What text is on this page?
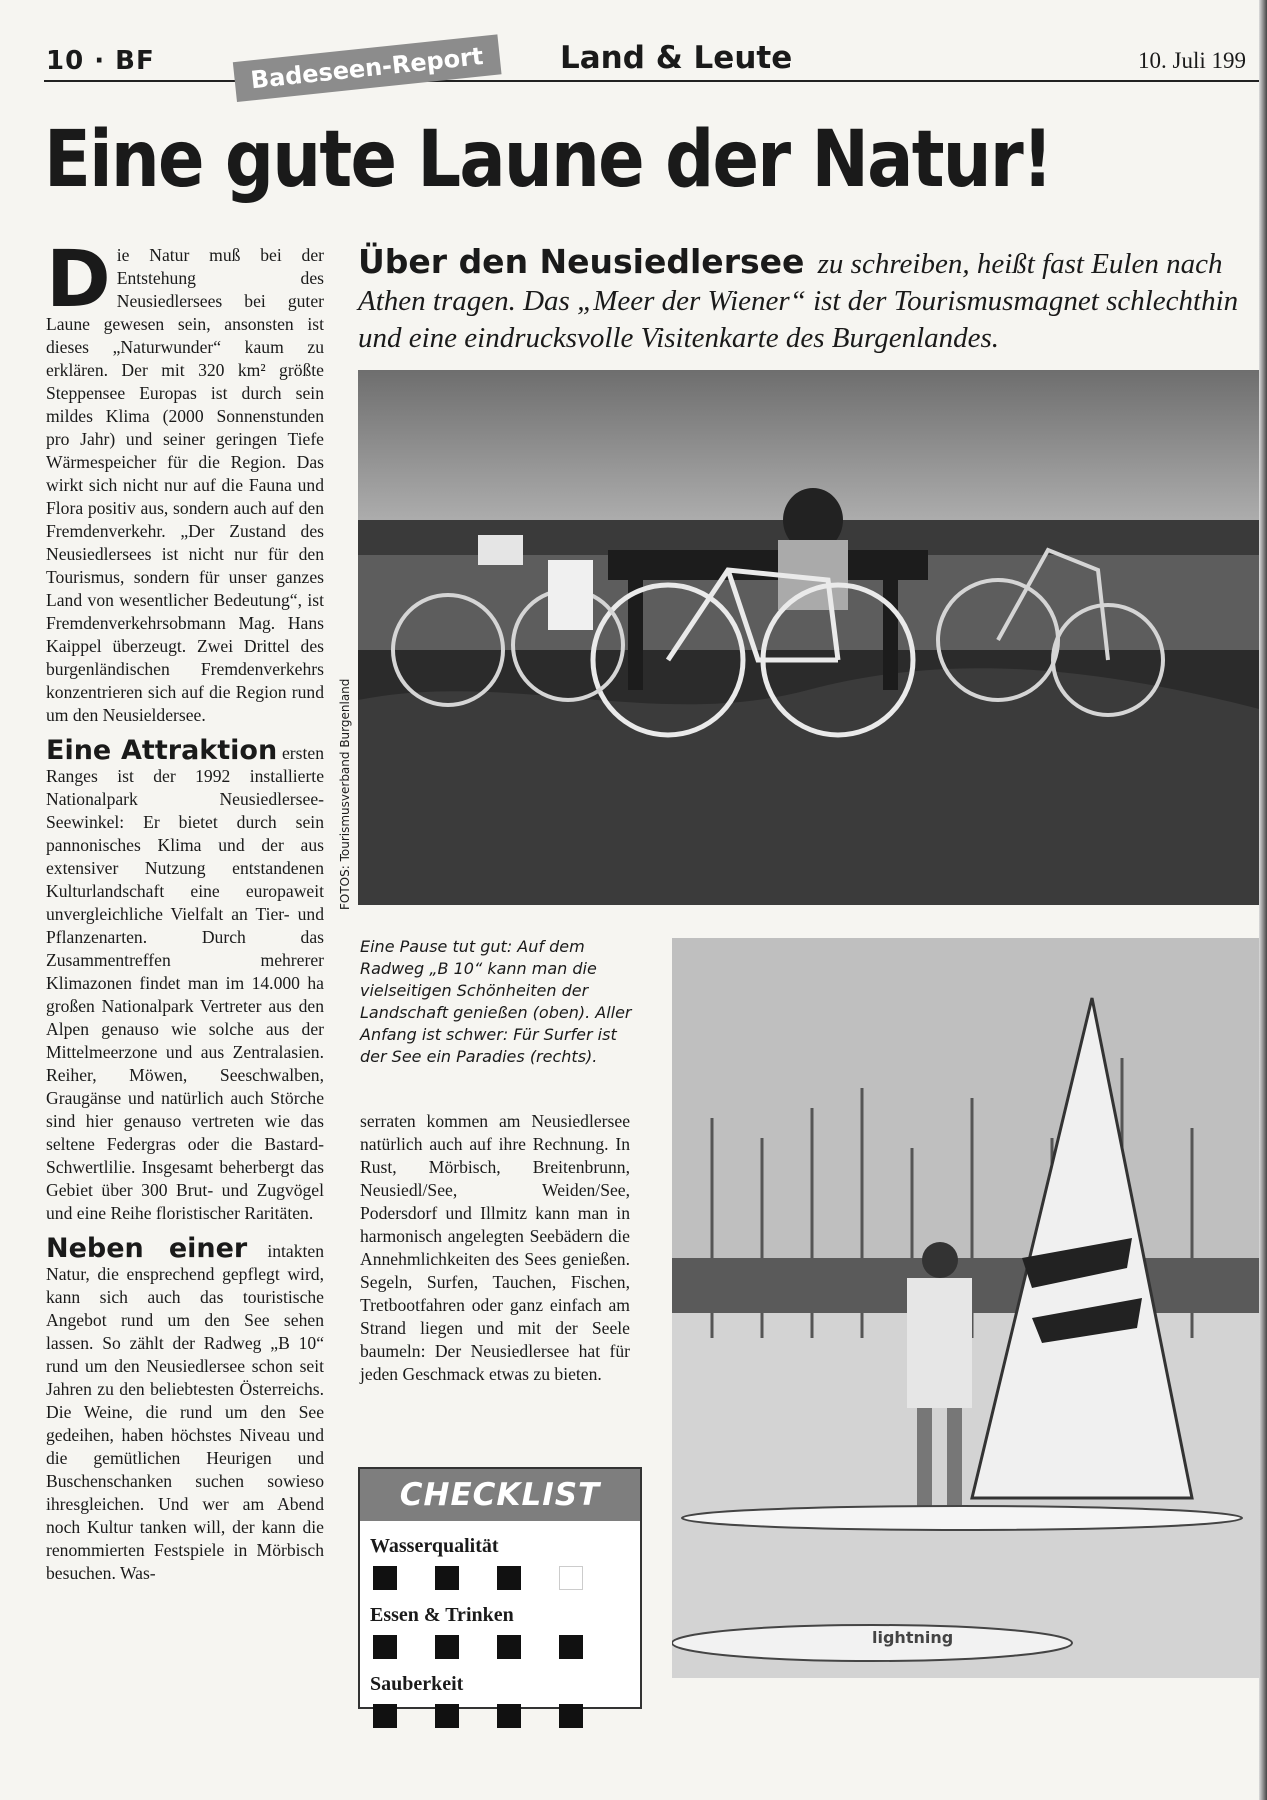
10 · BF	Land & Leute	10. Juli 199
Badeseen-Report
Eine gute Laune der Natur!
Über den Neusiedlersee zu schreiben, heißt fast Eulen nach Athen tragen. Das „Meer der Wiener“ ist der Tourismusmagnet schlechthin und eine eindrucksvolle Visitenkarte des Burgenlandes.

D ie Natur muß bei der Entstehung des Neusiedlersees bei guter Laune gewesen sein, ansonsten ist dieses „Naturwunder“ kaum zu erklären. Der mit 320 km² größte Steppensee Europas ist durch sein mildes Klima (2000 Sonnenstunden pro Jahr) und seiner geringen Tiefe Wärmespeicher für die Region. Das wirkt sich nicht nur auf die Fauna und Flora positiv aus, sondern auch auf den Fremdenverkehr. „Der Zustand des Neusiedlersees ist nicht nur für den Tourismus, sondern für unser ganzes Land von wesentlicher Bedeutung“, ist Fremdenverkehrsobmann Mag. Hans Kaippel überzeugt. Zwei Drittel des burgenländischen Fremdenverkehrs konzentrieren sich auf die Region rund um den Neusieldersee.

Eine Attraktion ersten Ranges ist der 1992 installierte Nationalpark Neusiedlersee-Seewinkel: Er bietet durch sein pannonisches Klima und der aus extensiver Nutzung entstandenen Kulturlandschaft eine europaweit unvergleichliche Vielfalt an Tier- und Pflanzenarten. Durch das Zusammentreffen mehrerer Klimazonen findet man im 14.000 ha großen Nationalpark Vertreter aus den Alpen genauso wie solche aus der Mittelmeerzone und aus Zentralasien. Reiher, Möwen, Seeschwalben, Graugänse und natürlich auch Störche sind hier genauso vertreten wie das seltene Federgras oder die Bastard-Schwertlilie. Insgesamt beherbergt das Gebiet über 300 Brut- und Zugvögel und eine Reihe floristischer Raritäten.

Neben einer intakten Natur, die ensprechend gepflegt wird, kann sich auch das touristische Angebot rund um den See sehen lassen. So zählt der Radweg „B 10“ rund um den Neusiedlersee schon seit Jahren zu den beliebtesten Österreichs. Die Weine, die rund um den See gedeihen, haben höchstes Niveau und die gemütlichen Heurigen und Buschenschanken suchen sowieso ihresgleichen. Und wer am Abend noch Kultur tanken will, der kann die renommierten Festspiele in Mörbisch besuchen. Was-

FOTOS: Tourismusverband Burgenland
Eine Pause tut gut: Auf dem Radweg „B 10“ kann man die vielseitigen Schönheiten der Landschaft genießen (oben). Aller Anfang ist schwer: Für Surfer ist der See ein Paradies (rechts).
lightning
serraten kommen am Neusiedlersee natürlich auch auf ihre Rechnung. In Rust, Mörbisch, Breitenbrunn, Neusiedl/See, Weiden/See, Podersdorf und Illmitz kann man in harmonisch angelegten Seebädern die Annehmlichkeiten des Sees genießen. Segeln, Surfen, Tauchen, Fischen, Tretbootfahren oder ganz einfach am Strand liegen und mit der Seele baumeln: Der Neusiedlersee hat für jeden Geschmack etwas zu bieten.
CHECKLIST
Wasserqualität
Essen & Trinken
Sauberkeit
